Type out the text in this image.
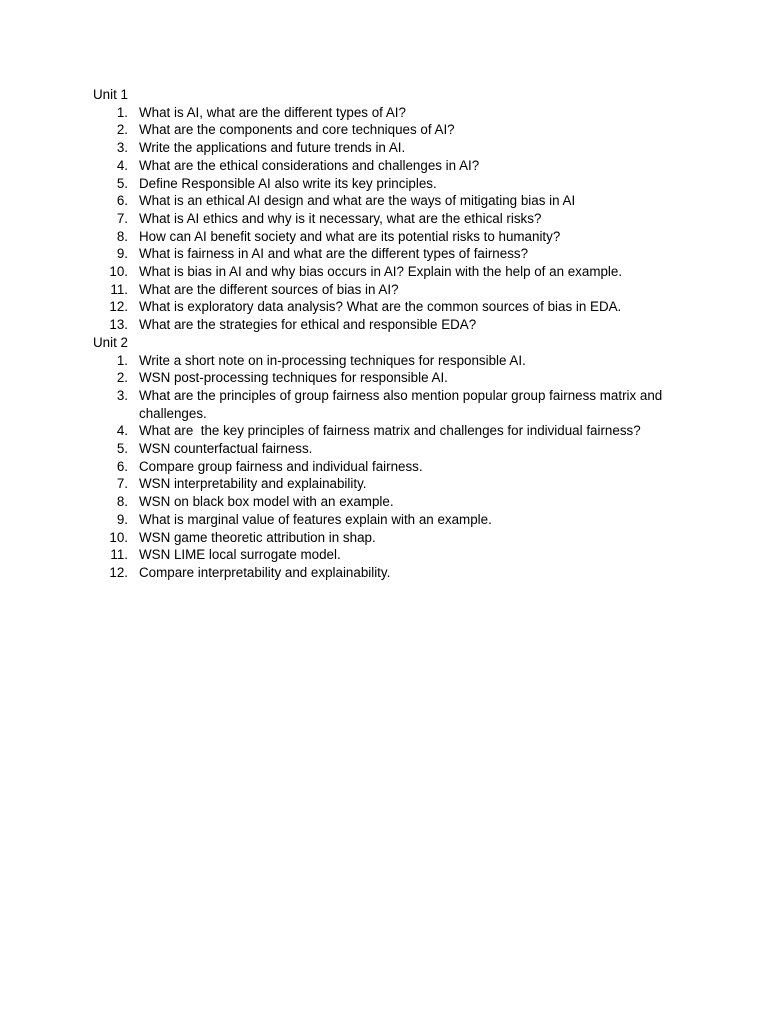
Unit 1
1. What is AI, what are the different types of AI?
2. What are the components and core techniques of AI?
3. Write the applications and future trends in AI.
4. What are the ethical considerations and challenges in AI?
5. Define Responsible AI also write its key principles.
6. What is an ethical AI design and what are the ways of mitigating bias in AI
7. What is AI ethics and why is it necessary, what are the ethical risks?
8. How can AI benefit society and what are its potential risks to humanity?
9. What is fairness in AI and what are the different types of fairness?
10. What is bias in AI and why bias occurs in AI? Explain with the help of an example.
11. What are the different sources of bias in AI?
12. What is exploratory data analysis? What are the common sources of bias in EDA.
13. What are the strategies for ethical and responsible EDA?
Unit 2
1. Write a short note on in-processing techniques for responsible AI.
2. WSN post-processing techniques for responsible AI.
3. What are the principles of group fairness also mention popular group fairness matrix and challenges.
4. What are  the key principles of fairness matrix and challenges for individual fairness?
5. WSN counterfactual fairness.
6. Compare group fairness and individual fairness.
7. WSN interpretability and explainability.
8. WSN on black box model with an example.
9. What is marginal value of features explain with an example.
10. WSN game theoretic attribution in shap.
11. WSN LIME local surrogate model.
12. Compare interpretability and explainability.
